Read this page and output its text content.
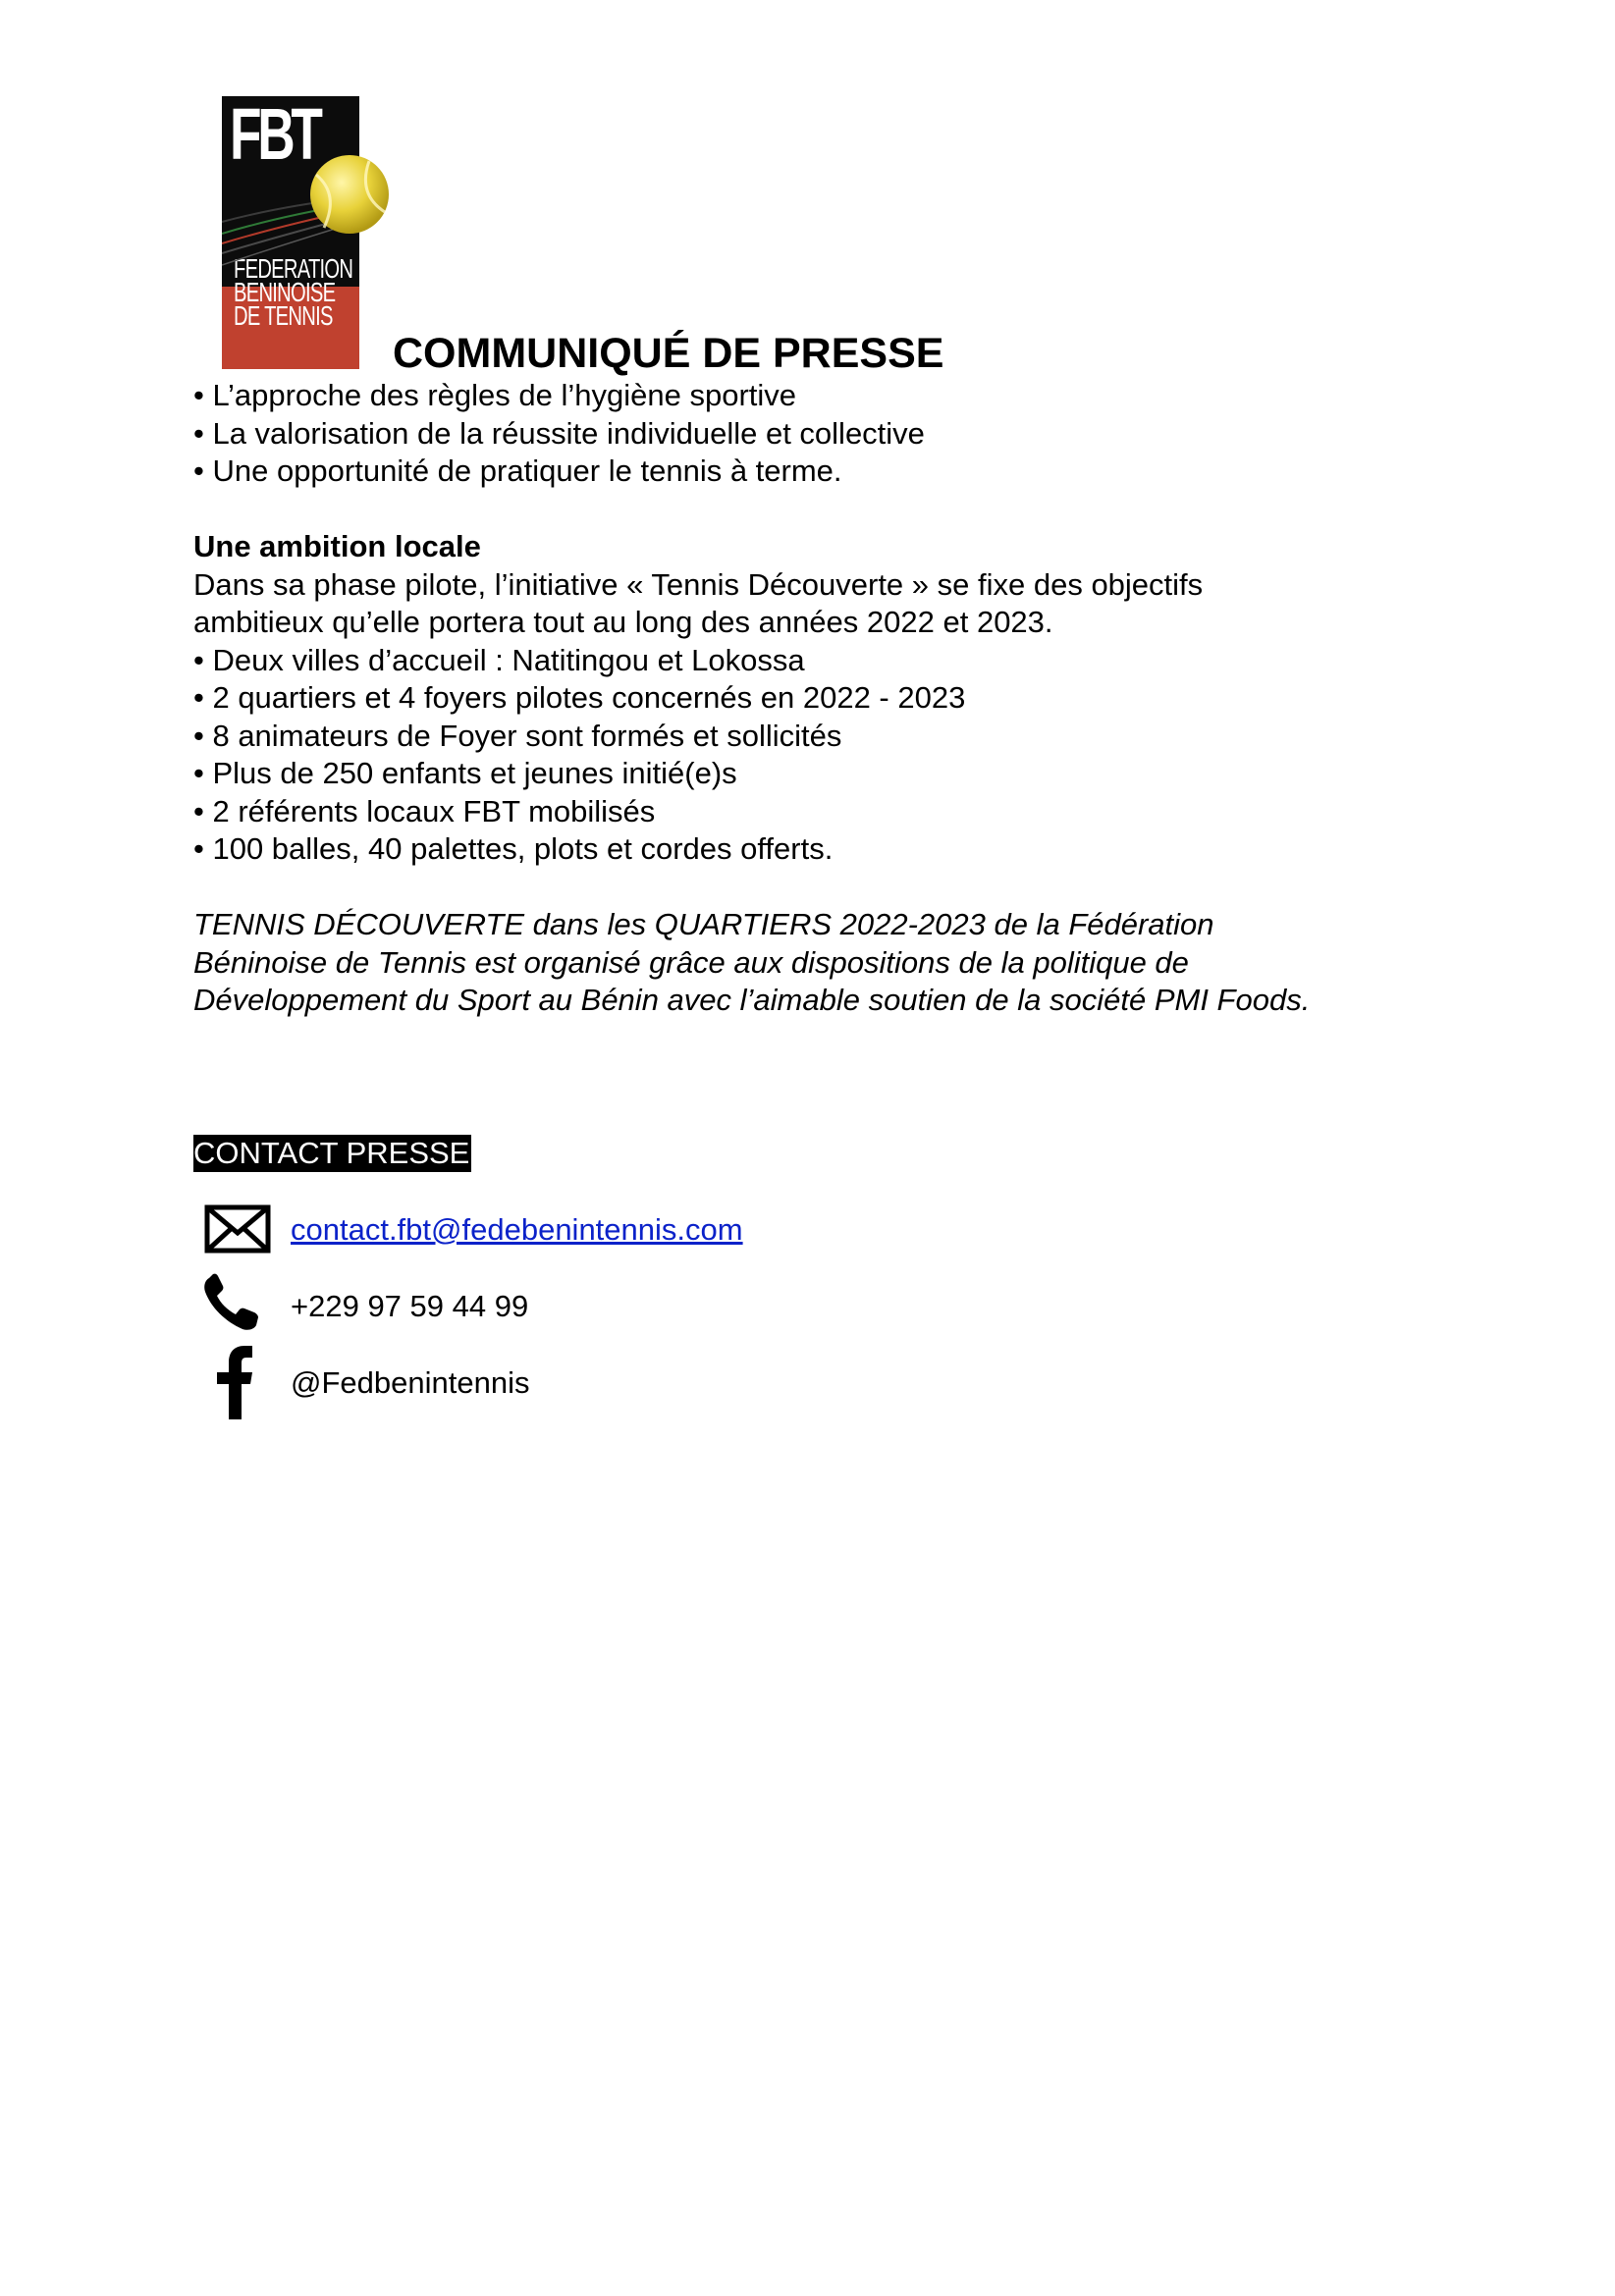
FBT
FEDERATION
BENINOISE
DE TENNIS
COMMUNIQUÉ DE PRESSE

• L’approche des règles de l’hygiène sportive

• La valorisation de la réussite individuelle et collective

• Une opportunité de pratiquer le tennis à terme.

Une ambition locale

Dans sa phase pilote, l’initiative « Tennis Découverte » se fixe des objectifs

ambitieux qu’elle portera tout au long des années 2022 et 2023.

• Deux villes d’accueil : Natitingou et Lokossa

• 2 quartiers et 4 foyers pilotes concernés en 2022 - 2023

• 8 animateurs de Foyer sont formés et sollicités

• Plus de 250 enfants et jeunes initié(e)s

• 2 référents locaux FBT mobilisés

• 100 balles, 40 palettes, plots et cordes offerts.

TENNIS DÉCOUVERTE dans les QUARTIERS 2022-2023 de la Fédération

Béninoise de Tennis est organisé grâce aux dispositions de la politique de

Développement du Sport au Bénin avec l’aimable soutien de la société PMI Foods.

CONTACT PRESSE
contact.fbt@fedebenintennis.com
+229 97 59 44 99
@Fedbenintennis
